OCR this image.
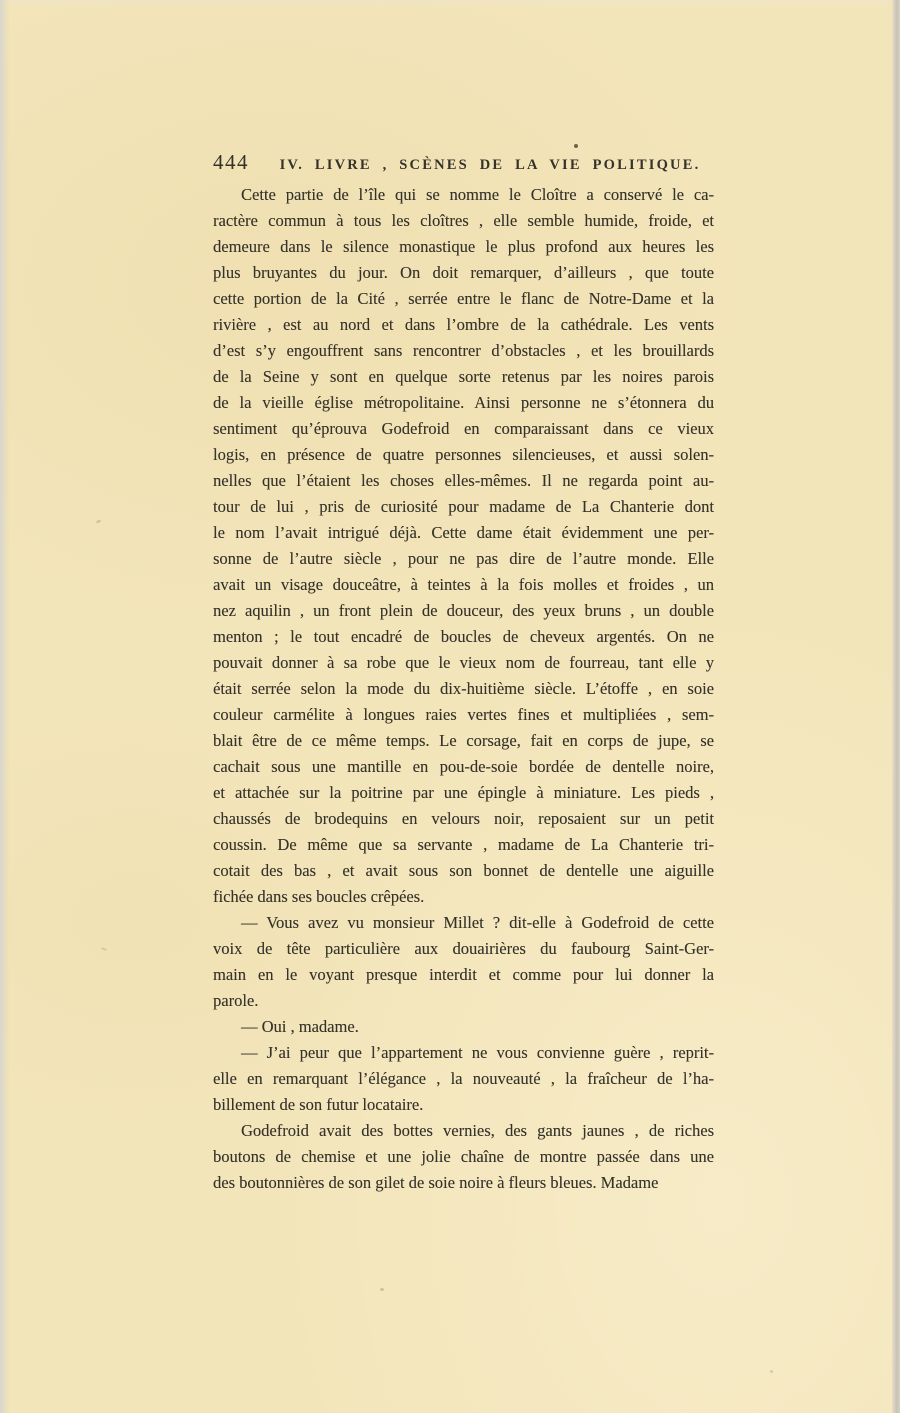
444	IV. LIVRE , SCÈNES DE LA VIE POLITIQUE.
Cette partie de l’île qui se nomme le Cloître a conservé le ca-
ractère commun à tous les cloîtres , elle semble humide, froide, et
demeure dans le silence monastique le plus profond aux heures les
plus bruyantes du jour. On doit remarquer, d’ailleurs , que toute
cette portion de la Cité , serrée entre le flanc de Notre-Dame et la
rivière , est au nord et dans l’ombre de la cathédrale. Les vents
d’est s’y engouffrent sans rencontrer d’obstacles , et les brouillards
de la Seine y sont en quelque sorte retenus par les noires parois
de la vieille église métropolitaine. Ainsi personne ne s’étonnera du
sentiment qu’éprouva Godefroid en comparaissant dans ce vieux
logis, en présence de quatre personnes silencieuses, et aussi solen-
nelles que l’étaient les choses elles-mêmes. Il ne regarda point au-
tour de lui , pris de curiosité pour madame de La Chanterie dont
le nom l’avait intrigué déjà. Cette dame était évidemment une per-
sonne de l’autre siècle , pour ne pas dire de l’autre monde. Elle
avait un visage douceâtre, à teintes à la fois molles et froides , un
nez aquilin , un front plein de douceur, des yeux bruns , un double
menton ; le tout encadré de boucles de cheveux argentés. On ne
pouvait donner à sa robe que le vieux nom de fourreau, tant elle y
était serrée selon la mode du dix-huitième siècle. L’étoffe , en soie
couleur carmélite à longues raies vertes fines et multipliées , sem-
blait être de ce même temps. Le corsage, fait en corps de jupe, se
cachait sous une mantille en pou-de-soie bordée de dentelle noire,
et attachée sur la poitrine par une épingle à miniature. Les pieds ,
chaussés de brodequins en velours noir, reposaient sur un petit
coussin. De même que sa servante , madame de La Chanterie tri-
cotait des bas , et avait sous son bonnet de dentelle une aiguille
fichée dans ses boucles crêpées.
— Vous avez vu monsieur Millet ? dit-elle à Godefroid de cette
voix de tête particulière aux douairières du faubourg Saint-Ger-
main en le voyant presque interdit et comme pour lui donner la
parole.
— Oui , madame.
— J’ai peur que l’appartement ne vous convienne guère , reprit-
elle en remarquant l’élégance , la nouveauté , la fraîcheur de l’ha-
billement de son futur locataire.
Godefroid avait des bottes vernies, des gants jaunes , de riches
boutons de chemise et une jolie chaîne de montre passée dans une
des boutonnières de son gilet de soie noire à fleurs bleues. Madame
